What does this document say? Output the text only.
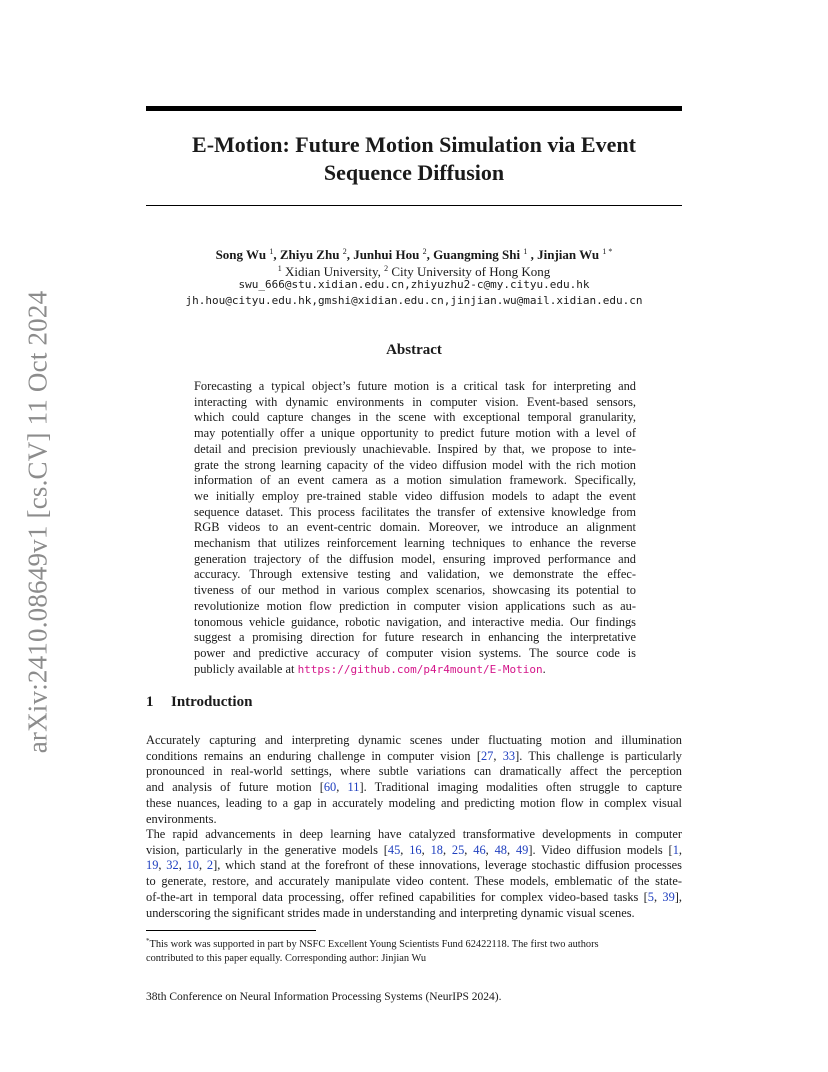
arXiv:2410.08649v1 [cs.CV] 11 Oct 2024
E-Motion: Future Motion Simulation via Event
Sequence Diffusion
Song Wu $^1$, Zhiyu Zhu $^2$, Junhui Hou $^2$, Guangming Shi $^1$ , Jinjian Wu $^{1 *}$
$^1$ Xidian University, $^2$ City University of Hong Kong
swu_666@stu.xidian.edu.cn,zhiyuzhu2-c@my.cityu.edu.hk
jh.hou@cityu.edu.hk,gmshi@xidian.edu.cn,jinjian.wu@mail.xidian.edu.cn
Abstract
Forecasting a typical object’s future motion is a critical task for interpreting and
interacting with dynamic environments in computer vision. Event-based sensors,
which could capture changes in the scene with exceptional temporal granularity,
may potentially offer a unique opportunity to predict future motion with a level of
detail and precision previously unachievable. Inspired by that, we propose to inte-
grate the strong learning capacity of the video diffusion model with the rich motion
information of an event camera as a motion simulation framework. Specifically,
we initially employ pre-trained stable video diffusion models to adapt the event
sequence dataset. This process facilitates the transfer of extensive knowledge from
RGB videos to an event-centric domain. Moreover, we introduce an alignment
mechanism that utilizes reinforcement learning techniques to enhance the reverse
generation trajectory of the diffusion model, ensuring improved performance and
accuracy. Through extensive testing and validation, we demonstrate the effec-
tiveness of our method in various complex scenarios, showcasing its potential to
revolutionize motion flow prediction in computer vision applications such as au-
tonomous vehicle guidance, robotic navigation, and interactive media. Our findings
suggest a promising direction for future research in enhancing the interpretative
power and predictive accuracy of computer vision systems. The source code is
publicly available at https://github.com/p4r4mount/E-Motion.
1 Introduction
Accurately capturing and interpreting dynamic scenes under fluctuating motion and illumination
conditions remains an enduring challenge in computer vision [27, 33]. This challenge is particularly
pronounced in real-world settings, where subtle variations can dramatically affect the perception
and analysis of future motion [60, 11]. Traditional imaging modalities often struggle to capture
these nuances, leading to a gap in accurately modeling and predicting motion flow in complex visual
environments.
The rapid advancements in deep learning have catalyzed transformative developments in computer
vision, particularly in the generative models [45, 16, 18, 25, 46, 48, 49]. Video diffusion models [1,
19, 32, 10, 2], which stand at the forefront of these innovations, leverage stochastic diffusion processes
to generate, restore, and accurately manipulate video content. These models, emblematic of the state-
of-the-art in temporal data processing, offer refined capabilities for complex video-based tasks [5, 39],
underscoring the significant strides made in understanding and interpreting dynamic visual scenes.
*This work was supported in part by NSFC Excellent Young Scientists Fund 62422118. The first two authors
contributed to this paper equally. Corresponding author: Jinjian Wu
38th Conference on Neural Information Processing Systems (NeurIPS 2024).
